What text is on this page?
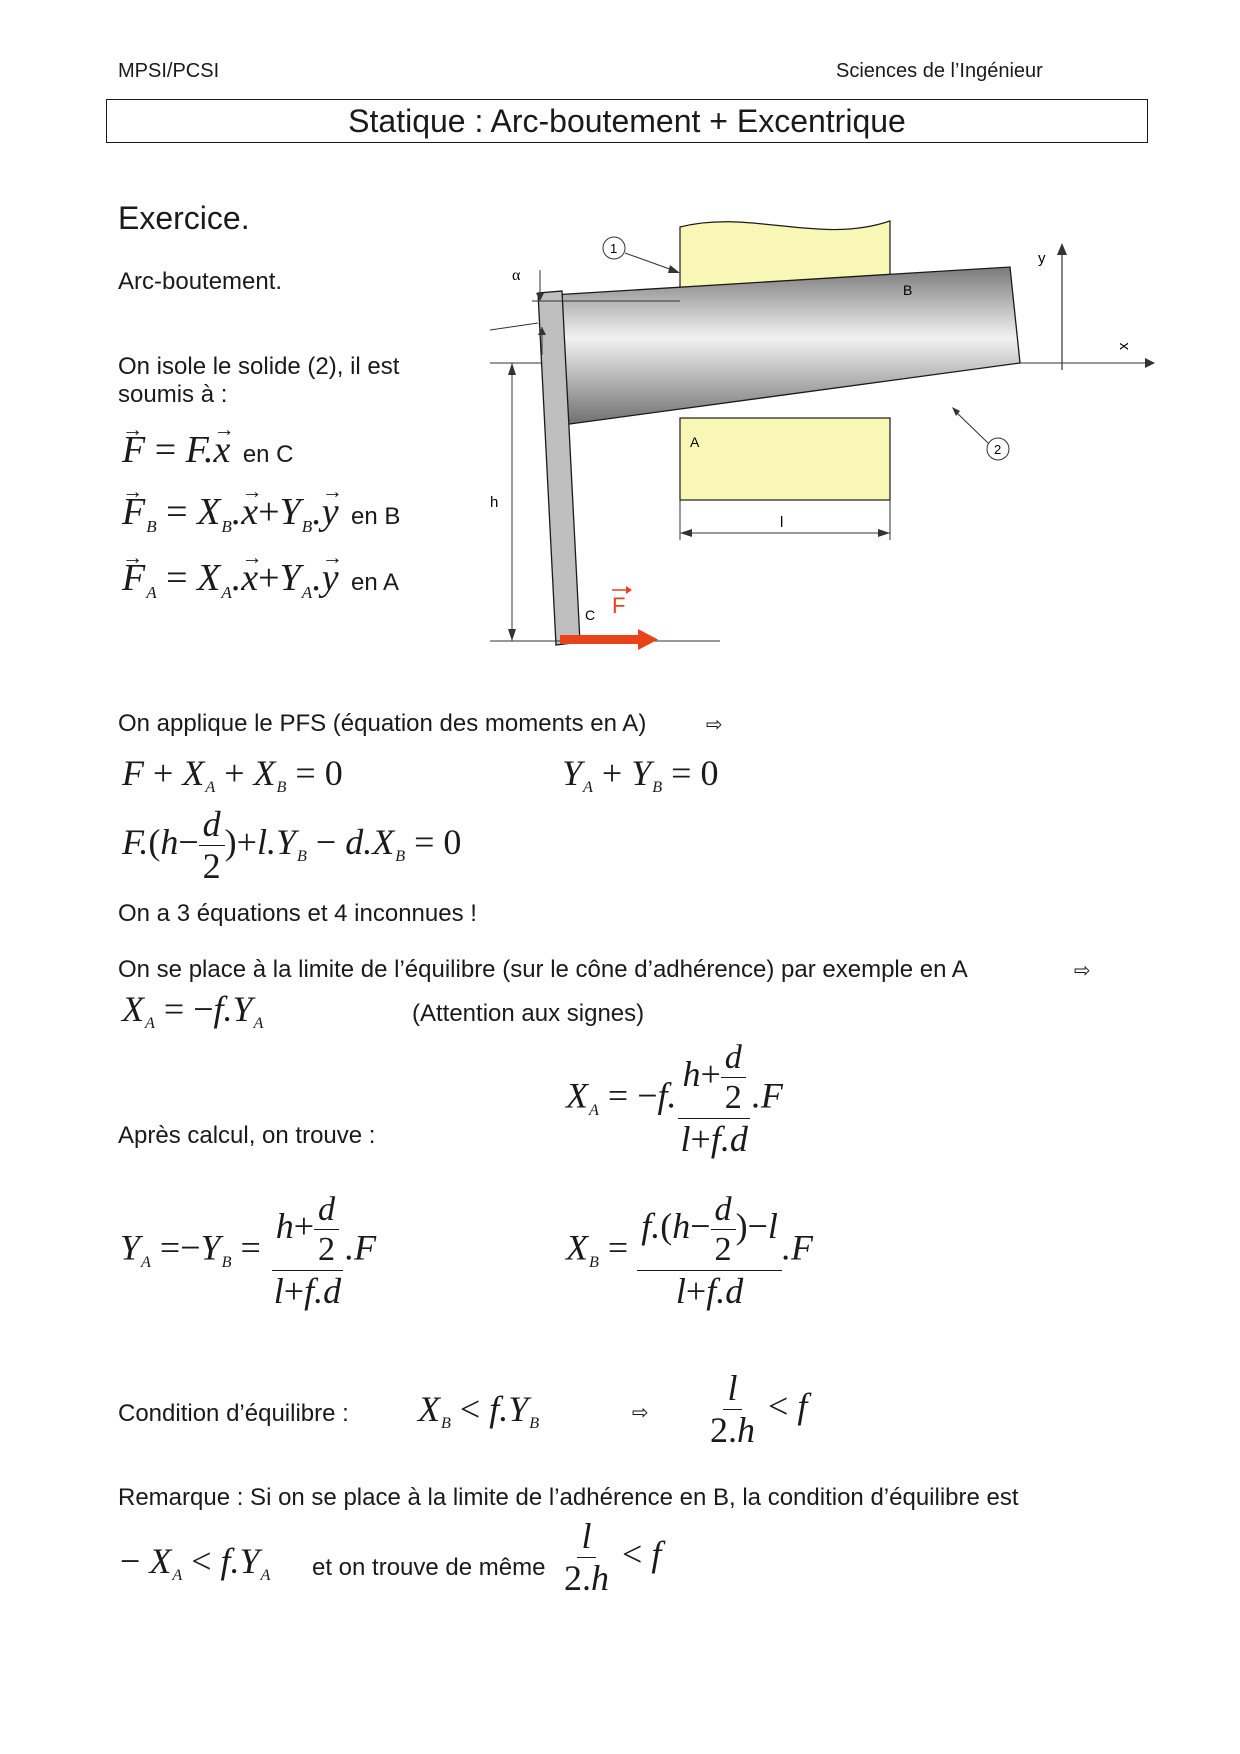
MPSI/PCSI	Sciences de l’Ingénieur
Statique : Arc-boutement + Excentrique
Exercice.
Arc-boutement.
On isole le solide (2), il est
soumis à :
→ F = F.→ x en C
→ $F_B = X_B.\to x+Y_B.\to y$ en B
→ $F_A = X_A.\to x+Y_A.\to y$ en A
y
x
F
h
l
α
B
A
C
1
2
On applique le PFS (équation des moments en A)	⇨
$F + X_A + X_B = 0$	$Y_A + Y_B = 0$
$F.(h- \frac{d}{2} )+l.Y_B - d.X_B = 0$
On a 3 équations et 4 inconnues !
On se place à la limite de l’équilibre (sur le cône d’adhérence) par exemple en A	⇨
$X_A = -f.Y_A$	(Attention aux signes)
Après calcul, on trouve :
$X_A = -f$. $\frac{h+ \frac{d}{2}}{l+f.d} .F$
$Y_A =-Y_B = \frac{h+ \frac{d}{2}}{l+f.d} .F$	$X_B = \frac{f.(h- \frac{d}{2} )-l}{l+f.d} .F$
Condition d’équilibre : $X_B < f.Y_B$	⇨ $\frac{l}{2.h} < f$
Remarque : Si on se place à la limite de l’adhérence en B, la condition d’équilibre est
− $X_A < f.Y_A$ et on trouve de même $\frac{l}{2.h} < f$
